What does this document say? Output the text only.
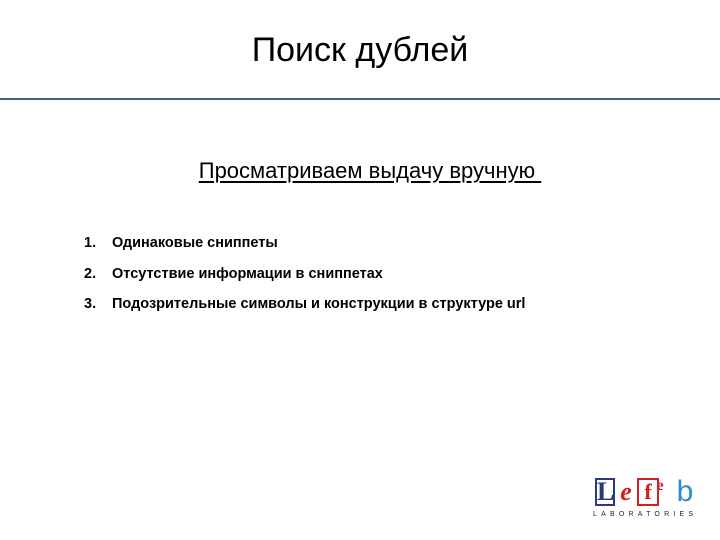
Поиск дублей
Просматриваем выдачу вручную
1. Одинаковые сниппеты
2. Отсутствие информации в сниппетах
3. Подозрительные символы и конструкции в структуре url
L e f e b
LABORATORIES
